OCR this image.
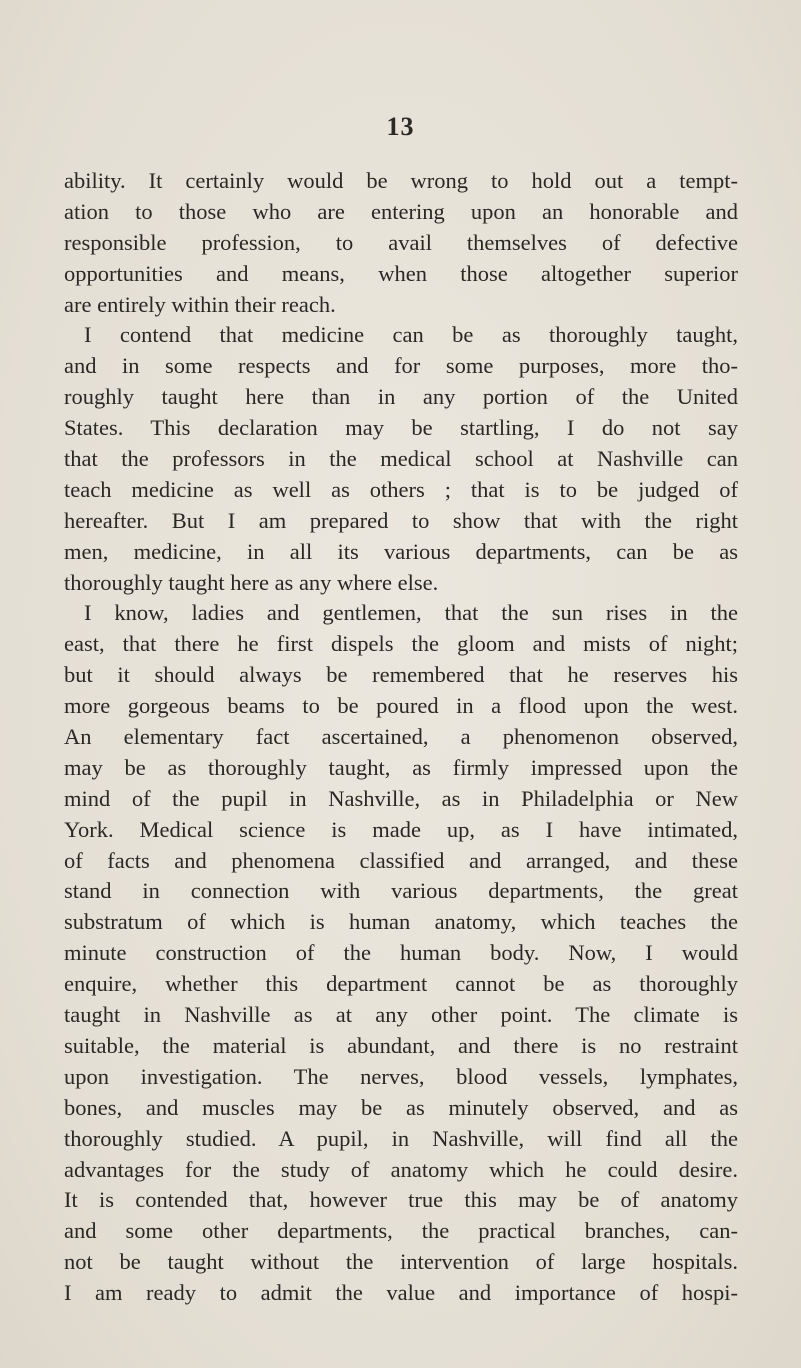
13
ability. It certainly would be wrong to hold out a tempt-
ation to those who are entering upon an honorable and
responsible profession, to avail themselves of defective
opportunities and means, when those altogether superior
are entirely within their reach.
I contend that medicine can be as thoroughly taught,
and in some respects and for some purposes, more tho-
roughly taught here than in any portion of the United
States. This declaration may be startling, I do not say
that the professors in the medical school at Nashville can
teach medicine as well as others ; that is to be judged of
hereafter. But I am prepared to show that with the right
men, medicine, in all its various departments, can be as
thoroughly taught here as any where else.
I know, ladies and gentlemen, that the sun rises in the
east, that there he first dispels the gloom and mists of night;
but it should always be remembered that he reserves his
more gorgeous beams to be poured in a flood upon the west.
An elementary fact ascertained, a phenomenon observed,
may be as thoroughly taught, as firmly impressed upon the
mind of the pupil in Nashville, as in Philadelphia or New
York. Medical science is made up, as I have intimated,
of facts and phenomena classified and arranged, and these
stand in connection with various departments, the great
substratum of which is human anatomy, which teaches the
minute construction of the human body. Now, I would
enquire, whether this department cannot be as thoroughly
taught in Nashville as at any other point. The climate is
suitable, the material is abundant, and there is no restraint
upon investigation. The nerves, blood vessels, lymphates,
bones, and muscles may be as minutely observed, and as
thoroughly studied. A pupil, in Nashville, will find all the
advantages for the study of anatomy which he could desire.
It is contended that, however true this may be of anatomy
and some other departments, the practical branches, can-
not be taught without the intervention of large hospitals.
I am ready to admit the value and importance of hospi-
